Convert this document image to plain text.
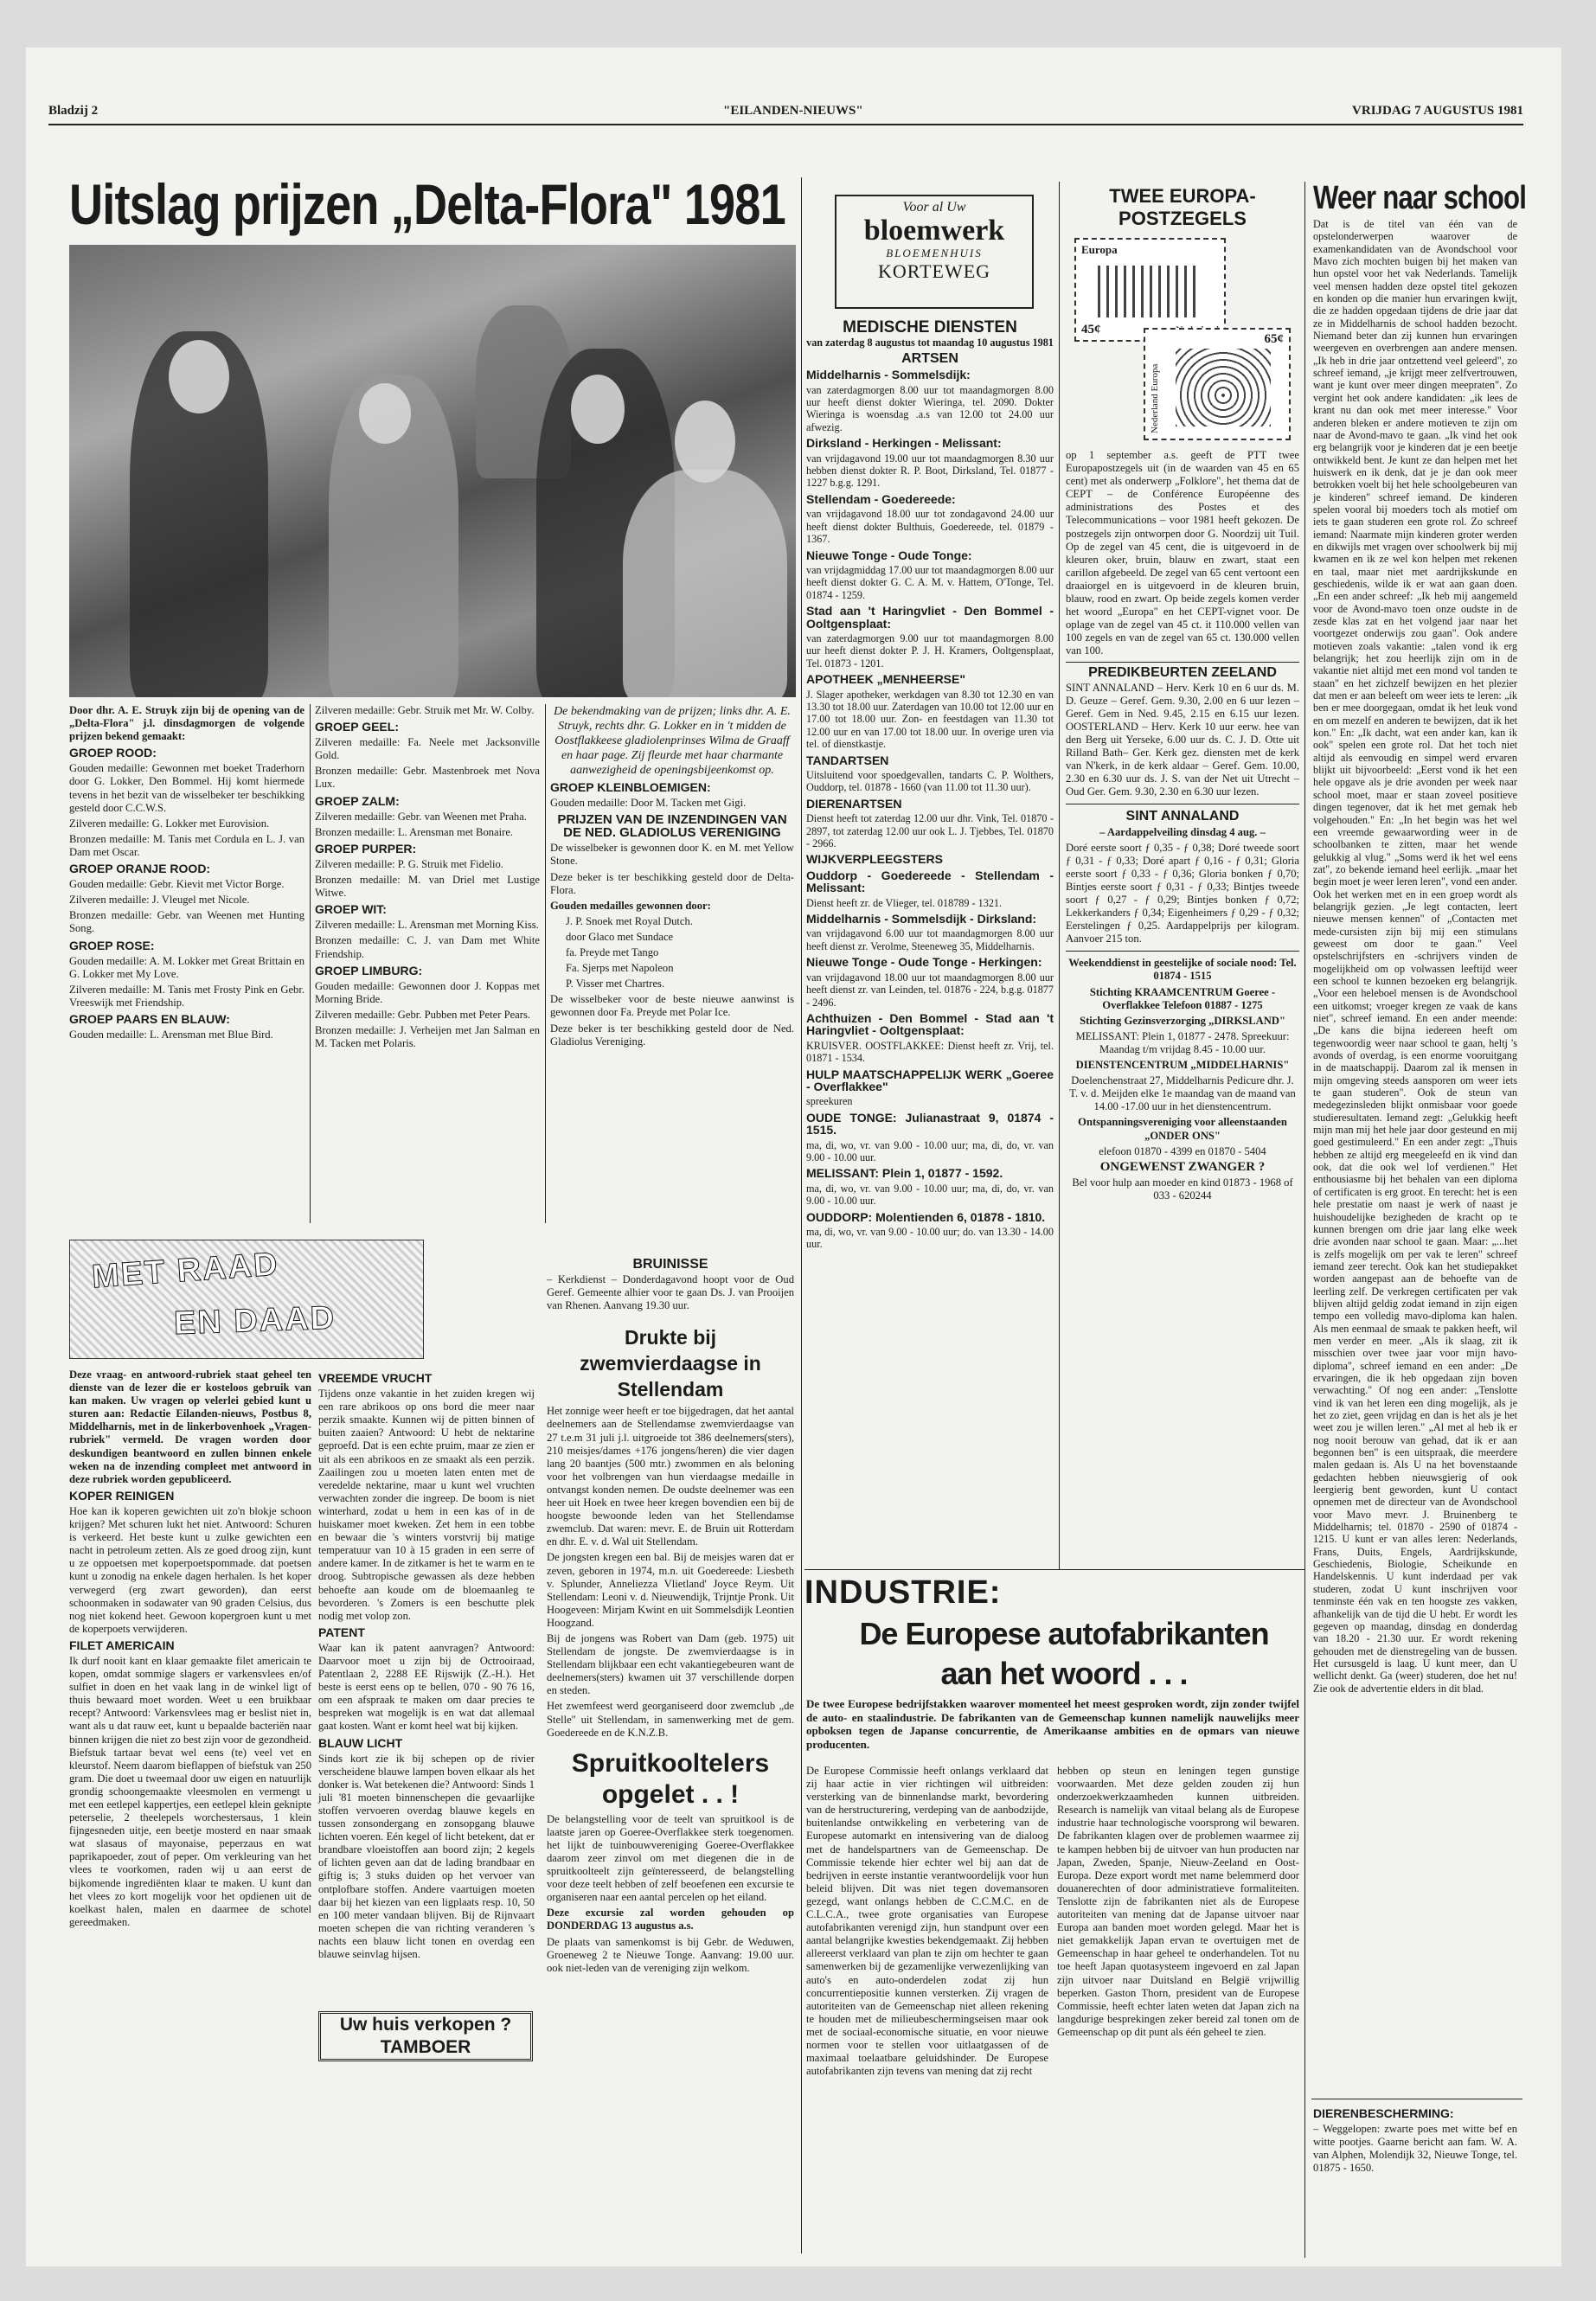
Bladzij 2	"EILANDEN-NIEUWS"	VRIJDAG 7 AUGUSTUS 1981
Uitslag prijzen „Delta-Flora" 1981

Door dhr. A. E. Struyk zijn bij de opening van de „Delta-Flora" j.l. dinsdagmorgen de volgende prijzen bekend gemaakt:

GROEP ROOD:

Gouden medaille: Gewonnen met boeket Traderhorn door G. Lokker, Den Bommel. Hij komt hiermede tevens in het bezit van de wisselbeker ter beschikking gesteld door C.C.W.S.

Zilveren medaille: G. Lokker met Eurovision.

Bronzen medaille: M. Tanis met Cordula en L. J. van Dam met Oscar.

GROEP ORANJE ROOD:

Gouden medaille: Gebr. Kievit met Victor Borge.

Zilveren medaille: J. Vleugel met Nicole.

Bronzen medaille: Gebr. van Weenen met Hunting Song.

GROEP ROSE:

Gouden medaille: A. M. Lokker met Great Brittain en G. Lokker met My Love.

Zilveren medaille: M. Tanis met Frosty Pink en Gebr. Vreeswijk met Friendship.

GROEP PAARS EN BLAUW:

Gouden medaille: L. Arensman met Blue Bird.

Zilveren medaille: Gebr. Struik met Mr. W. Colby.

GROEP GEEL:

Zilveren medaille: Fa. Neele met Jacksonville Gold.

Bronzen medaille: Gebr. Mastenbroek met Nova Lux.

GROEP ZALM:

Zilveren medaille: Gebr. van Weenen met Praha.

Bronzen medaille: L. Arensman met Bonaire.

GROEP PURPER:

Zilveren medaille: P. G. Struik met Fidelio.

Bronzen medaille: M. van Driel met Lustige Witwe.

GROEP WIT:

Zilveren medaille: L. Arensman met Morning Kiss.

Bronzen medaille: C. J. van Dam met White Friendship.

GROEP LIMBURG:

Gouden medaille: Gewonnen door J. Koppas met Morning Bride.

Zilveren medaille: Gebr. Pubben met Peter Pears.

Bronzen medaille: J. Verheijen met Jan Salman en M. Tacken met Polaris.

De bekendmaking van de prijzen; links dhr. A. E. Struyk, rechts dhr. G. Lokker en in 't midden de Oostflakkeese gladiolenprinses Wilma de Graaff en haar page. Zij fleurde met haar charmante aanwezigheid de openingsbijeenkomst op.

GROEP KLEINBLOEMIGEN:

Gouden medaille: Door M. Tacken met Gigi.

PRIJZEN VAN DE INZENDINGEN VAN DE NED. GLADIOLUS VERENIGING

De wisselbeker is gewonnen door K. en M. met Yellow Stone.

Deze beker is ter beschikking gesteld door de Delta-Flora.

Gouden medailles gewonnen door:

J. P. Snoek met Royal Dutch.

door Glaco met Sundace

fa. Preyde met Tango

Fa. Sjerps met Napoleon

P. Visser met Chartres.

De wisselbeker voor de beste nieuwe aanwinst is gewonnen door Fa. Preyde met Polar Ice.

Deze beker is ter beschikking gesteld door de Ned. Gladiolus Vereniging.

MET RAAD
EN DAAD

Deze vraag- en antwoord-rubriek staat geheel ten dienste van de lezer die er kosteloos gebruik van kan maken. Uw vragen op velerlei gebied kunt u sturen aan: Redactie Eilanden-nieuws, Postbus 8, Middelharnis, met in de linkerbovenhoek „Vragen-rubriek" vermeld. De vragen worden door deskundigen beantwoord en zullen binnen enkele weken na de inzending compleet met antwoord in deze rubriek worden gepubliceerd.

KOPER REINIGEN

Hoe kan ik koperen gewichten uit zo'n blokje schoon krijgen? Met schuren lukt het niet. Antwoord: Schuren is verkeerd. Het beste kunt u zulke gewichten een nacht in petroleum zetten. Als ze goed droog zijn, kunt u ze oppoetsen met koperpoetspommade. dat poetsen kunt u zonodig na enkele dagen herhalen. Is het koper verwegerd (erg zwart geworden), dan eerst schoonmaken in sodawater van 90 graden Celsius, dus nog niet kokend heet. Gewoon kopergroen kunt u met de koperpoets verwijderen.

FILET AMERICAIN

Ik durf nooit kant en klaar gemaakte filet americain te kopen, omdat sommige slagers er varkensvlees en/of sulfiet in doen en het vaak lang in de winkel ligt of thuis bewaard moet worden. Weet u een bruikbaar recept? Antwoord: Varkensvlees mag er beslist niet in, want als u dat rauw eet, kunt u bepaalde bacteriën naar binnen krijgen die niet zo best zijn voor de gezondheid. Biefstuk tartaar bevat wel eens (te) veel vet en kleurstof. Neem daarom bieflappen of biefstuk van 250 gram. Die doet u tweemaal door uw eigen en natuurlijk grondig schoongemaakte vleesmolen en vermengt u met een eetlepel kappertjes, een eetlepel klein geknipte peterselie, 2 theelepels worchestersaus, 1 klein fijngesneden uitje, een beetje mosterd en naar smaak wat slasaus of mayonaise, peperzaus en wat paprikapoeder, zout of peper. Om verkleuring van het vlees te voorkomen, raden wij u aan eerst de bijkomende ingrediënten klaar te maken. U kunt dan het vlees zo kort mogelijk voor het opdienen uit de koelkast halen, malen en daarmee de schotel gereedmaken.

VREEMDE VRUCHT

Tijdens onze vakantie in het zuiden kregen wij een rare abrikoos op ons bord die meer naar perzik smaakte. Kunnen wij de pitten binnen of buiten zaaien? Antwoord: U hebt de nektarine geproefd. Dat is een echte pruim, maar ze zien er uit als een abrikoos en ze smaakt als een perzik. Zaailingen zou u moeten laten enten met de veredelde nektarine, maar u kunt wel vruchten verwachten zonder die ingreep. De boom is niet winterhard, zodat u hem in een kas of in de huiskamer moet kweken. Zet hem in een tobbe en bewaar die 's winters vorstvrij bij matige temperatuur van 10 à 15 graden in een serre of andere kamer. In de zitkamer is het te warm en te droog. Subtropische gewassen als deze hebben behoefte aan koude om de bloemaanleg te bevorderen. 's Zomers is een beschutte plek nodig met volop zon.

PATENT

Waar kan ik patent aanvragen? Antwoord: Daarvoor moet u zijn bij de Octrooiraad, Patentlaan 2, 2288 EE Rijswijk (Z.-H.). Het beste is eerst eens op te bellen, 070 - 90 76 16, om een afspraak te maken om daar precies te bespreken wat mogelijk is en wat dat allemaal gaat kosten. Want er komt heel wat bij kijken.

BLAUW LICHT

Sinds kort zie ik bij schepen op de rivier verscheidene blauwe lampen boven elkaar als het donker is. Wat betekenen die? Antwoord: Sinds 1 juli '81 moeten binnenschepen die gevaarlijke stoffen vervoeren overdag blauwe kegels en tussen zonsondergang en zonsopgang blauwe lichten voeren. Eén kegel of licht betekent, dat er brandbare vloeistoffen aan boord zijn; 2 kegels of lichten geven aan dat de lading brandbaar en giftig is; 3 stuks duiden op het vervoer van ontplofbare stoffen. Andere vaartuigen moeten daar bij het kiezen van een ligplaats resp. 10, 50 en 100 meter vandaan blijven. Bij de Rijnvaart moeten schepen die van richting veranderen 's nachts een blauw licht tonen en overdag een blauwe seinvlag hijsen.

Uw huis verkopen ?
TAMBOER

BRUINISSE

– Kerkdienst – Donderdagavond hoopt voor de Oud Geref. Gemeente alhier voor te gaan Ds. J. van Prooijen van Rhenen. Aanvang 19.30 uur.

Drukte bij zwemvierdaagse in Stellendam

Het zonnige weer heeft er toe bijgedragen, dat het aantal deelnemers aan de Stellendamse zwemvierdaagse van 27 t.e.m 31 juli j.l. uitgroeide tot 386 deelnemers(sters), 210 meisjes/dames +176 jongens/heren) die vier dagen lang 20 baantjes (500 mtr.) zwommen en als beloning voor het volbrengen van hun vierdaagse medaille in ontvangst konden nemen. De oudste deelnemer was een heer uit Hoek en twee heer kregen bovendien een bij de hoogste bewoonde leden van het Stellendamse zwemclub. Dat waren: mevr. E. de Bruin uit Rotterdam en dhr. E. v. d. Wal uit Stellendam.

De jongsten kregen een bal. Bij de meisjes waren dat er zeven, geboren in 1974, m.n. uit Goedereede: Liesbeth v. Splunder, Anneliezza Vlietland' Joyce Reym. Uit Stellendam: Leoni v. d. Nieuwendijk, Trijntje Pronk. Uit Hoogeveen: Mirjam Kwint en uit Sommelsdijk Leontien Hoogzand.

Bij de jongens was Robert van Dam (geb. 1975) uit Stellendam de jongste. De zwemvierdaagse is in Stellendam blijkbaar een echt vakantiegebeuren want de deelnemers(sters) kwamen uit 37 verschillende dorpen en steden.

Het zwemfeest werd georganiseerd door zwemclub „de Stelle" uit Stellendam, in samenwerking met de gem. Goedereede en de K.N.Z.B.

Spruitkooltelers opgelet . . !

De belangstelling voor de teelt van spruitkool is de laatste jaren op Goeree-Overflakkee sterk toegenomen. het lijkt de tuinbouwvereniging Goeree-Overflakkee daarom zeer zinvol om met diegenen die in de spruitkoolteelt zijn geïnteresseerd, de belangstelling voor deze teelt hebben of zelf beoefenen een excursie te organiseren naar een aantal percelen op het eiland.

Deze excursie zal worden gehouden op DONDERDAG 13 augustus a.s.

De plaats van samenkomst is bij Gebr. de Weduwen, Groeneweg 2 te Nieuwe Tonge. Aanvang: 19.00 uur. ook niet-leden van de vereniging zijn welkom.

Voor al Uw
bloemwerk
BLOEMENHUIS
KORTEWEG

MEDISCHE DIENSTEN

van zaterdag 8 augustus tot maandag 10 augustus 1981

ARTSEN

Middelharnis - Sommelsdijk:

van zaterdagmorgen 8.00 uur tot maandagmorgen 8.00 uur heeft dienst dokter Wieringa, tel. 2090. Dokter Wieringa is woensdag .a.s van 12.00 tot 24.00 uur afwezig.

Dirksland - Herkingen - Melissant:

van vrijdagavond 19.00 uur tot maandagmorgen 8.30 uur hebben dienst dokter R. P. Boot, Dirksland, Tel. 01877 - 1227 b.g.g. 1291.

Stellendam - Goedereede:

van vrijdagavond 18.00 uur tot zondagavond 24.00 uur heeft dienst dokter Bulthuis, Goedereede, tel. 01879 - 1367.

Nieuwe Tonge - Oude Tonge:

van vrijdagmiddag 17.00 uur tot maandagmorgen 8.00 uur heeft dienst dokter G. C. A. M. v. Hattem, O'Tonge, Tel. 01874 - 1259.

Stad aan 't Haringvliet - Den Bommel - Ooltgensplaat:

van zaterdagmorgen 9.00 uur tot maandagmorgen 8.00 uur heeft dienst dokter P. J. H. Kramers, Ooltgensplaat, Tel. 01873 - 1201.

APOTHEEK „MENHEERSE"

J. Slager apotheker, werkdagen van 8.30 tot 12.30 en van 13.30 tot 18.00 uur. Zaterdagen van 10.00 tot 12.00 uur en 17.00 tot 18.00 uur. Zon- en feestdagen van 11.30 tot 12.00 uur en van 17.00 tot 18.00 uur. In overige uren via tel. of dienstkastje.

TANDARTSEN

Uitsluitend voor spoedgevallen, tandarts C. P. Wolthers, Ouddorp, tel. 01878 - 1660 (van 11.00 tot 11.30 uur).

DIERENARTSEN

Dienst heeft tot zaterdag 12.00 uur dhr. Vink, Tel. 01870 - 2897, tot zaterdag 12.00 uur ook L. J. Tjebbes, Tel. 01870 - 2966.

WIJKVERPLEEGSTERS

Ouddorp - Goedereede - Stellendam - Melissant:

Dienst heeft zr. de Vlieger, tel. 018789 - 1321.

Middelharnis - Sommelsdijk - Dirksland:

van vrijdagavond 6.00 uur tot maandagmorgen 8.00 uur heeft dienst zr. Verolme, Steeneweg 35, Middelharnis.

Nieuwe Tonge - Oude Tonge - Herkingen:

van vrijdagavond 18.00 uur tot maandagmorgen 8.00 uur heeft dienst zr. van Leinden, tel. 01876 - 224, b.g.g. 01877 - 2496.

Achthuizen - Den Bommel - Stad aan 't Haringvliet - Ooltgensplaat:

KRUISVER. OOSTFLAKKEE: Dienst heeft zr. Vrij, tel. 01871 - 1534.

HULP MAATSCHAPPELIJK WERK „Goeree - Overflakkee"

spreekuren

OUDE TONGE: Julianastraat 9, 01874 - 1515.

ma, di, wo, vr. van 9.00 - 10.00 uur; ma, di, do, vr. van 9.00 - 10.00 uur.

MELISSANT: Plein 1, 01877 - 1592.

ma, di, wo, vr. van 9.00 - 10.00 uur; ma, di, do, vr. van 9.00 - 10.00 uur.

OUDDORP: Molentienden 6, 01878 - 1810.

ma, di, wo, vr. van 9.00 - 10.00 uur; do. van 13.30 - 14.00 uur.

TWEE EUROPA-POSTZEGELS

Europa
45¢
Nederland Europa
65¢

op 1 september a.s. geeft de PTT twee Europapostzegels uit (in de waarden van 45 en 65 cent) met als onderwerp „Folklore", het thema dat de CEPT – de Conférence Européenne des administrations des Postes et des Telecommunications – voor 1981 heeft gekozen. De postzegels zijn ontworpen door G. Noordzij uit Tuil. Op de zegel van 45 cent, die is uitgevoerd in de kleuren oker, bruin, blauw en zwart, staat een carillon afgebeeld. De zegel van 65 cent vertoont een draaiorgel en is uitgevoerd in de kleuren bruin, blauw, rood en zwart. Op beide zegels komen verder het woord „Europa" en het CEPT-vignet voor. De oplage van de zegel van 45 ct. it 110.000 vellen van 100 zegels en van de zegel van 65 ct. 130.000 vellen van 100.

PREDIKBEURTEN ZEELAND

SINT ANNALAND – Herv. Kerk 10 en 6 uur ds. M. D. Geuze – Geref. Gem. 9.30, 2.00 en 6 uur lezen – Geref. Gem in Ned. 9.45, 2.15 en 6.15 uur lezen. OOSTERLAND – Herv. Kerk 10 uur eerw. hee van den Berg uit Yerseke, 6.00 uur ds. C. J. D. Otte uit Rilland Bath– Ger. Kerk gez. diensten met de kerk van N'kerk, in de kerk aldaar – Geref. Gem. 10.00, 2.30 en 6.30 uur ds. J. S. van der Net uit Utrecht – Oud Ger. Gem. 9.30, 2.30 en 6.30 uur lezen.

SINT ANNALAND

– Aardappelveiling dinsdag 4 aug. –

Doré eerste soort ƒ 0,35 - ƒ 0,38; Doré tweede soort ƒ 0,31 - ƒ 0,33; Doré apart ƒ 0,16 - ƒ 0,31; Gloria eerste soort ƒ 0,33 - ƒ 0,36; Gloria bonken ƒ 0,70; Bintjes eerste soort ƒ 0,31 - ƒ 0,33; Bintjes tweede soort ƒ 0,27 - ƒ 0,29; Bintjes bonken ƒ 0,72; Lekkerkanders ƒ 0,34; Eigenheimers ƒ 0,29 - ƒ 0,32; Eerstelingen ƒ 0,25. Aardappelprijs per kilogram. Aanvoer 215 ton.

Weekenddienst in geestelijke of sociale nood: Tel. 01874 - 1515

Stichting KRAAMCENTRUM Goeree - Overflakkee Telefoon 01887 - 1275

Stichting Gezinsverzorging „DIRKSLAND"

MELISSANT: Plein 1, 01877 - 2478. Spreekuur: Maandag t/m vrijdag 8.45 - 10.00 uur.

DIENSTENCENTRUM „MIDDELHARNIS"

Doelenchenstraat 27, Middelharnis Pedicure dhr. J. T. v. d. Meijden elke 1e maandag van de maand van 14.00 -17.00 uur in het dienstencentrum.

Ontspanningsvereniging voor alleenstaanden „ONDER ONS"

elefoon 01870 - 4399 en 01870 - 5404

ONGEWENST ZWANGER ?

Bel voor hulp aan moeder en kind 01873 - 1968 of 033 - 620244

INDUSTRIE:
De Europese autofabrikanten aan het woord . . .
De twee Europese bedrijfstakken waarover momenteel het meest gesproken wordt, zijn zonder twijfel de auto- en staalindustrie. De fabrikanten van de Gemeenschap kunnen namelijk nauwelijks meer opboksen tegen de Japanse concurrentie, de Amerikaanse ambities en de opmars van nieuwe producenten.
De Europese Commissie heeft onlangs verklaard dat zij haar actie in vier richtingen wil uitbreiden: versterking van de binnenlandse markt, bevordering van de herstructurering, verdeping van de aanbodzijde, buitenlandse ontwikkeling en verbetering van de Europese automarkt en intensivering van de dialoog met de handelspartners van de Gemeenschap. De Commissie tekende hier echter wel bij aan dat de bedrijven in eerste instantie verantwoordelijk voor hun beleid blijven. Dit was niet tegen dovemansoren gezegd, want onlangs hebben de C.C.M.C. en de C.L.C.A., twee grote organisaties van Europese autofabrikanten verenigd zijn, hun standpunt over een aantal belangrijke kwesties bekendgemaakt. Zij hebben allereerst verklaard van plan te zijn om hechter te gaan samenwerken bij de gezamenlijke verwezenlijking van auto's en auto-onderdelen zodat zij hun concurrentiepositie kunnen versterken. Zij vragen de autoriteiten van de Gemeenschap niet alleen rekening te houden met de milieubeschermingseisen maar ook met de sociaal-economische situatie, en voor nieuwe normen voor te stellen voor uitlaatgassen of de maximaal toelaatbare geluidshinder. De Europese autofabrikanten zijn tevens van mening dat zij recht
hebben op steun en leningen tegen gunstige voorwaarden. Met deze gelden zouden zij hun onderzoekwerkzaamheden kunnen uitbreiden. Research is namelijk van vitaal belang als de Europese industrie haar technologische voorsprong wil bewaren. De fabrikanten klagen over de problemen waarmee zij te kampen hebben bij de uitvoer van hun producten nar Japan, Zweden, Spanje, Nieuw-Zeeland en Oost-Europa. Deze export wordt met name belemmerd door douanerechten of door administratieve formaliteiten. Tenslotte zijn de fabrikanten niet als de Europese autoriteiten van mening dat de Japanse uitvoer naar Europa aan banden moet worden gelegd. Maar het is niet gemakkelijk Japan ervan te overtuigen met de Gemeenschap in haar geheel te onderhandelen. Tot nu toe heeft Japan quotasysteem ingevoerd en zal Japan zijn uitvoer naar Duitsland en België vrijwillig beperken. Gaston Thorn, president van de Europese Commissie, heeft echter laten weten dat Japan zich na langdurige besprekingen zeker bereid zal tonen om de Gemeenschap op dit punt als één geheel te zien.
Weer naar school
Dat is de titel van één van de opstelonderwerpen waarover de examenkandidaten van de Avondschool voor Mavo zich mochten buigen bij het maken van hun opstel voor het vak Nederlands. Tamelijk veel mensen hadden deze opstel titel gekozen en konden op die manier hun ervaringen kwijt, die ze hadden opgedaan tijdens de drie jaar dat ze in Middelharnis de school hadden bezocht. Niemand beter dan zij kunnen hun ervaringen weergeven en overbrengen aan andere mensen. „Ik heb in drie jaar ontzettend veel geleerd", zo schreef iemand, „je krijgt meer zelfvertrouwen, want je kunt over meer dingen meepraten". Zo vergint het ook andere kandidaten: „ik lees de krant nu dan ook met meer interesse." Voor anderen bleken er andere motieven te zijn om naar de Avond-mavo te gaan. „Ik vind het ook erg belangrijk voor je kinderen dat je een beetje ontwikkeld bent. Je kunt ze dan helpen met het huiswerk en ik denk, dat je je dan ook meer betrokken voelt bij het hele schoolgebeuren van je kinderen" schreef iemand. De kinderen spelen vooral bij moeders toch als motief om iets te gaan studeren een grote rol. Zo schreef iemand: Naarmate mijn kinderen groter werden en dikwijls met vragen over schoolwerk bij mij kwamen en ik ze wel kon helpen met rekenen en taal, maar niet met aardrijkskunde en geschiedenis, wilde ik er wat aan gaan doen. „En een ander schreef: „Ik heb mij aangemeld voor de Avond-mavo toen onze oudste in de zesde klas zat en het volgend jaar naar het voortgezet onderwijs zou gaan". Ook andere motieven zoals vakantie: „talen vond ik erg belangrijk; het zou heerlijk zijn om in de vakantie niet altijd met een mond vol tanden te staan" en het zichzelf bewijzen en het plezier dat men er aan beleeft om weer iets te leren: „ik ben er mee doorgegaan, omdat ik het leuk vond en om mezelf en anderen te bewijzen, dat ik het kon." En: „Ik dacht, wat een ander kan, kan ik ook" spelen een grote rol. Dat het toch niet altijd als eenvoudig en simpel werd ervaren blijkt uit bijvoorbeeld: „Eerst vond ik het een hele opgave als je drie avonden per week naar school moet, maar er staan zoveel positieve dingen tegenover, dat ik het met gemak heb volgehouden." En: „In het begin was het wel een vreemde gewaarwording weer in de schoolbanken te zitten, maar het wende gelukkig al vlug." „Soms werd ik het wel eens zat", zo bekende iemand heel eerlijk. „maar het begin moet je weer leren leren", vond een ander. Ook het werken met en in een groep wordt als belangrijk gezien. „Je legt contacten, leert nieuwe mensen kennen" of „Contacten met mede-cursisten zijn bij mij een stimulans geweest om door te gaan." Veel opstelschrijfsters en -schrijvers vinden de mogelijkheid om op volwassen leeftijd weer een school te kunnen bezoeken erg belangrijk. „Voor een heleboel mensen is de Avondschool een uitkomst; vroeger kregen ze vaak de kans niet", schreef iemand. En een ander meende: „De kans die bijna iedereen heeft om tegenwoordig weer naar school te gaan, heltj 's avonds of overdag, is een enorme vooruitgang in de maatschappij. Daarom zal ik mensen in mijn omgeving steeds aansporen om weer iets te gaan studeren". Ook de steun van medegezinsleden blijkt onmisbaar voor goede studieresultaten. Iemand zegt: „Gelukkig heeft mijn man mij het hele jaar door gesteund en mij goed gestimuleerd." En een ander zegt: „Thuis hebben ze altijd erg meegeleefd en ik vind dan ook, dat die ook wel lof verdienen." Het enthousiasme bij het behalen van een diploma of certificaten is erg groot. En terecht: het is een hele prestatie om naast je werk of naast je huishoudelijke bezigheden de kracht op te kunnen brengen om drie jaar lang elke week drie avonden naar school te gaan. Maar: „...het is zelfs mogelijk om per vak te leren" schreef iemand zeer terecht. Ook kan het studiepakket worden aangepast aan de behoefte van de leerling zelf. De verkregen certificaten per vak blijven altijd geldig zodat iemand in zijn eigen tempo een volledig mavo-diploma kan halen. Als men eenmaal de smaak te pakken heeft, wil men verder en meer. „Als ik slaag, zit ik misschien over twee jaar voor mijn havo-diploma", schreef iemand en een ander: „De ervaringen, die ik heb opgedaan zijn boven verwachting." Of nog een ander: „Tenslotte vind ik van het leren een ding mogelijk, als je het zo ziet, geen vrijdag en dan is het als je het weet zou je willen leren." „Al met al heb ik er nog nooit berouw van gehad, dat ik er aan begonnen ben" is een uitspraak, die meerdere malen gedaan is. Als U na het bovenstaande gedachten hebben nieuwsgierig of ook leergierig bent geworden, kunt U contact opnemen met de directeur van de Avondschool voor Mavo mevr. J. Bruinenberg te Middelharnis; tel. 01870 - 2590 of 01874 - 1215. U kunt er van alles leren: Nederlands, Frans, Duits, Engels, Aardrijkskunde, Geschiedenis, Biologie, Scheikunde en Handelskennis. U kunt inderdaad per vak studeren, zodat U kunt inschrijven voor tenminste één vak en ten hoogste zes vakken, afhankelijk van de tijd die U hebt. Er wordt les gegeven op maandag, dinsdag en donderdag van 18.20 - 21.30 uur. Er wordt rekening gehouden met de dienstregeling van de bussen. Het cursusgeld is laag. U kunt meer, dan U wellicht denkt. Ga (weer) studeren, doe het nu! Zie ook de advertentie elders in dit blad.

DIERENBESCHERMING:

– Weggelopen: zwarte poes met witte bef en witte pootjes. Gaarne bericht aan fam. W. A. van Alphen, Molendijk 32, Nieuwe Tonge, tel. 01875 - 1650.
